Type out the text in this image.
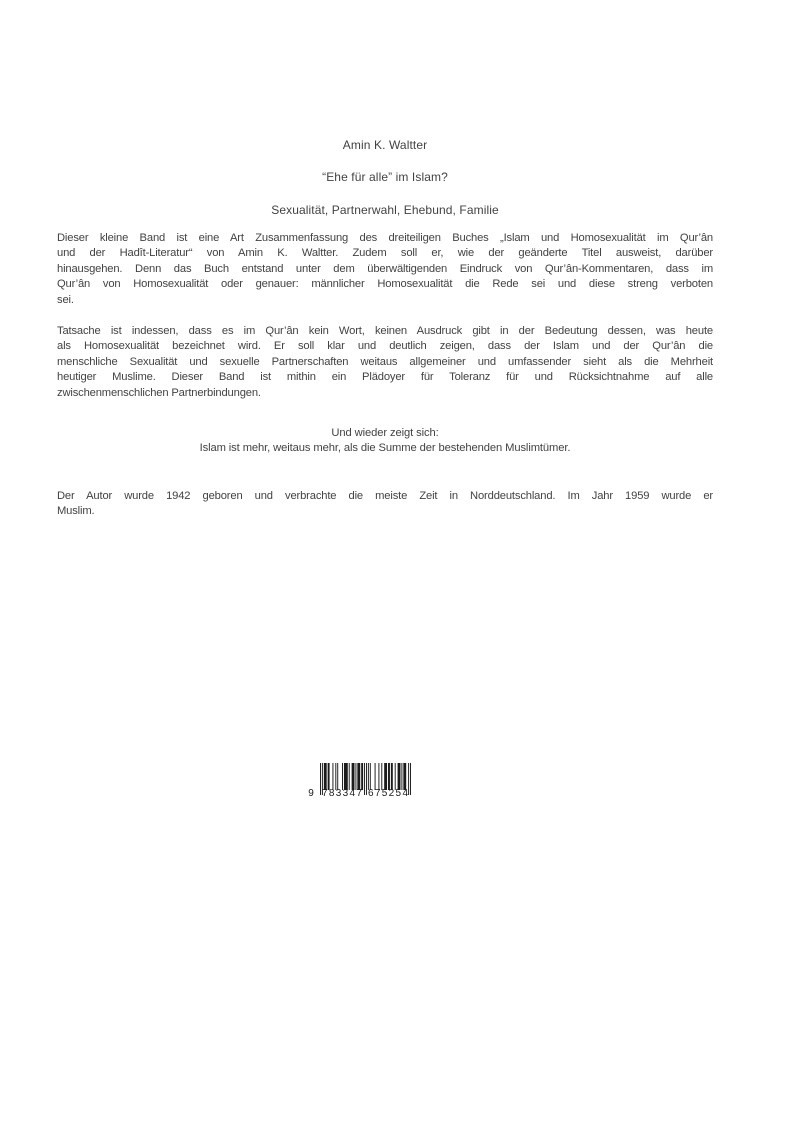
Amin K. Waltter
“Ehe für alle” im Islam?
Sexualität, Partnerwahl, Ehebund, Familie
Dieser kleine Band ist eine Art Zusammenfassung des dreiteiligen Buches „Islam und Homosexualität im Qur’ân
und der Hadît-Literatur“ von Amin K. Waltter. Zudem soll er, wie der geänderte Titel ausweist, darüber
hinausgehen. Denn das Buch entstand unter dem überwältigenden Eindruck von Qur’ân-Kommentaren, dass im
Qur’ân von Homosexualität oder genauer: männlicher Homosexualität die Rede sei und diese streng verboten
sei.
Tatsache ist indessen, dass es im Qur’ân kein Wort, keinen Ausdruck gibt in der Bedeutung dessen, was heute
als Homosexualität bezeichnet wird. Er soll klar und deutlich zeigen, dass der Islam und der Qur’ân die
menschliche Sexualität und sexuelle Partnerschaften weitaus allgemeiner und umfassender sieht als die Mehrheit
heutiger Muslime. Dieser Band ist mithin ein Plädoyer für Toleranz für und Rücksichtnahme auf alle
zwischenmenschlichen Partnerbindungen.
Und wieder zeigt sich:
Islam ist mehr, weitaus mehr, als die Summe der bestehenden Muslimtümer.
Der Autor wurde 1942 geboren und verbrachte die meiste Zeit in Norddeutschland. Im Jahr 1959 wurde er
Muslim.
9 783347 675254
